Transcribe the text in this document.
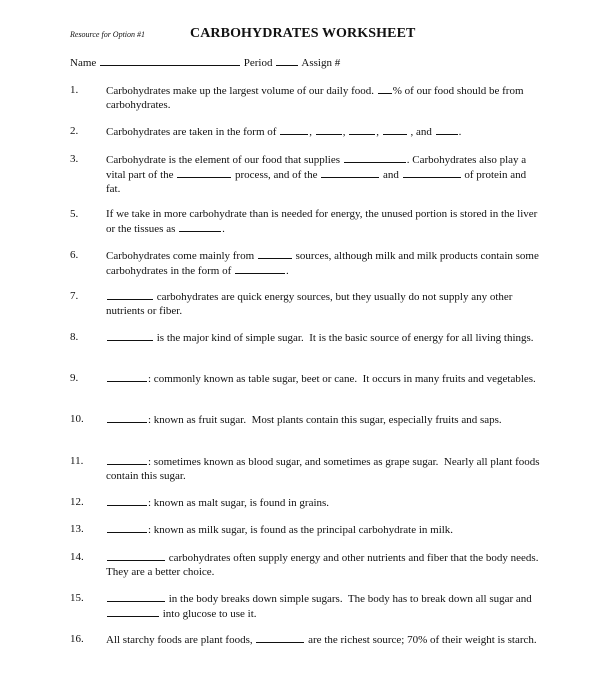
Resource for Option #1	CARBOHYDRATES WORKSHEET
Name	Period	Assign #
1.	Carbohydrates make up the largest volume of our daily food. % of our food should be from carbohydrates.
2.	Carbohydrates are taken in the form of	,	,	,  , and .
3.	Carbohydrate is the element of our food that supplies	. Carbohydrates also play a vital part of the	process, and of the	and	of protein and fat.
5.	If we take in more carbohydrate than is needed for energy, the unused portion is stored in the liver or the tissues as	.
6.	Carbohydrates come mainly from	sources, although milk and milk products contain some carbohydrates in the form of	.
7.	carbohydrates are quick energy sources, but they usually do not supply any other nutrients or fiber.
8.	is the major kind of simple sugar.  It is the basic source of energy for all living things.
9.	: commonly known as table sugar, beet or cane.  It occurs in many fruits and vegetables.
10.	: known as fruit sugar.  Most plants contain this sugar, especially fruits and saps.
11.	: sometimes known as blood sugar, and sometimes as grape sugar.  Nearly all plant foods contain this sugar.
12.	: known as malt sugar, is found in grains.
13.	: known as milk sugar, is found as the principal carbohydrate in milk.
14.	carbohydrates often supply energy and other nutrients and fiber that the body needs.  They are a better choice.
15.	in the body breaks down simple sugars.  The body has to break down all sugar and  into glucose to use it.
16.	All starchy foods are plant foods,	are the richest source; 70% of their weight is starch.
